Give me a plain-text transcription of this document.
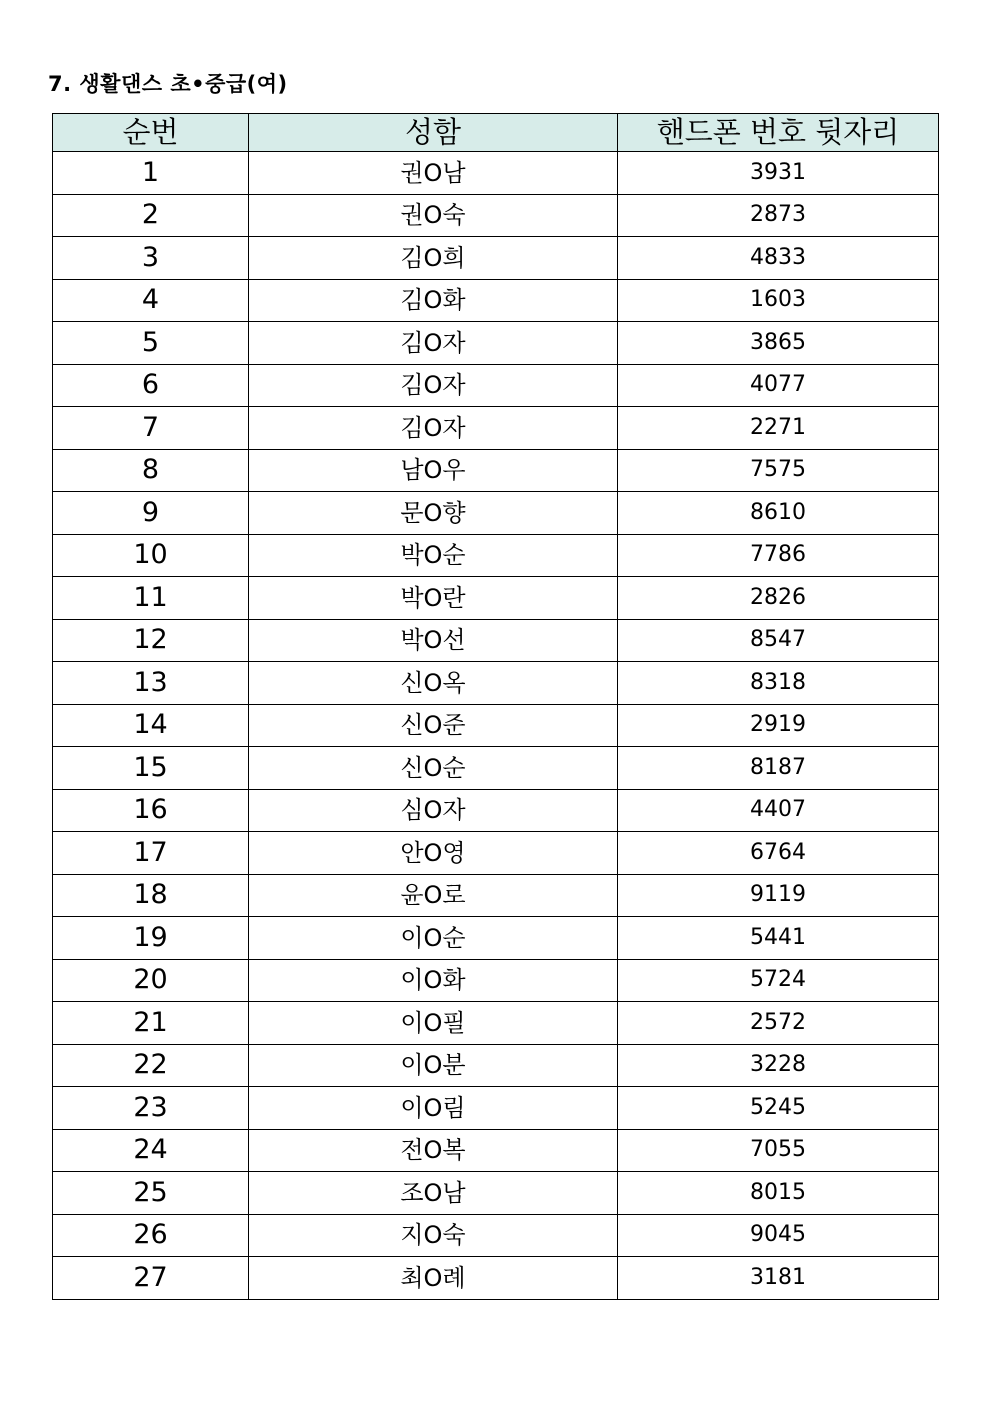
7. 생활댄스 초•중급(여)
순번	성함	핸드폰 번호 뒷자리
1	권O남	3931
2	권O숙	2873
3	김O희	4833
4	김O화	1603
5	김O자	3865
6	김O자	4077
7	김O자	2271
8	남O우	7575
9	문O향	8610
10	박O순	7786
11	박O란	2826
12	박O선	8547
13	신O옥	8318
14	신O준	2919
15	신O순	8187
16	심O자	4407
17	안O영	6764
18	윤O로	9119
19	이O순	5441
20	이O화	5724
21	이O필	2572
22	이O분	3228
23	이O림	5245
24	전O복	7055
25	조O남	8015
26	지O숙	9045
27	최O례	3181
